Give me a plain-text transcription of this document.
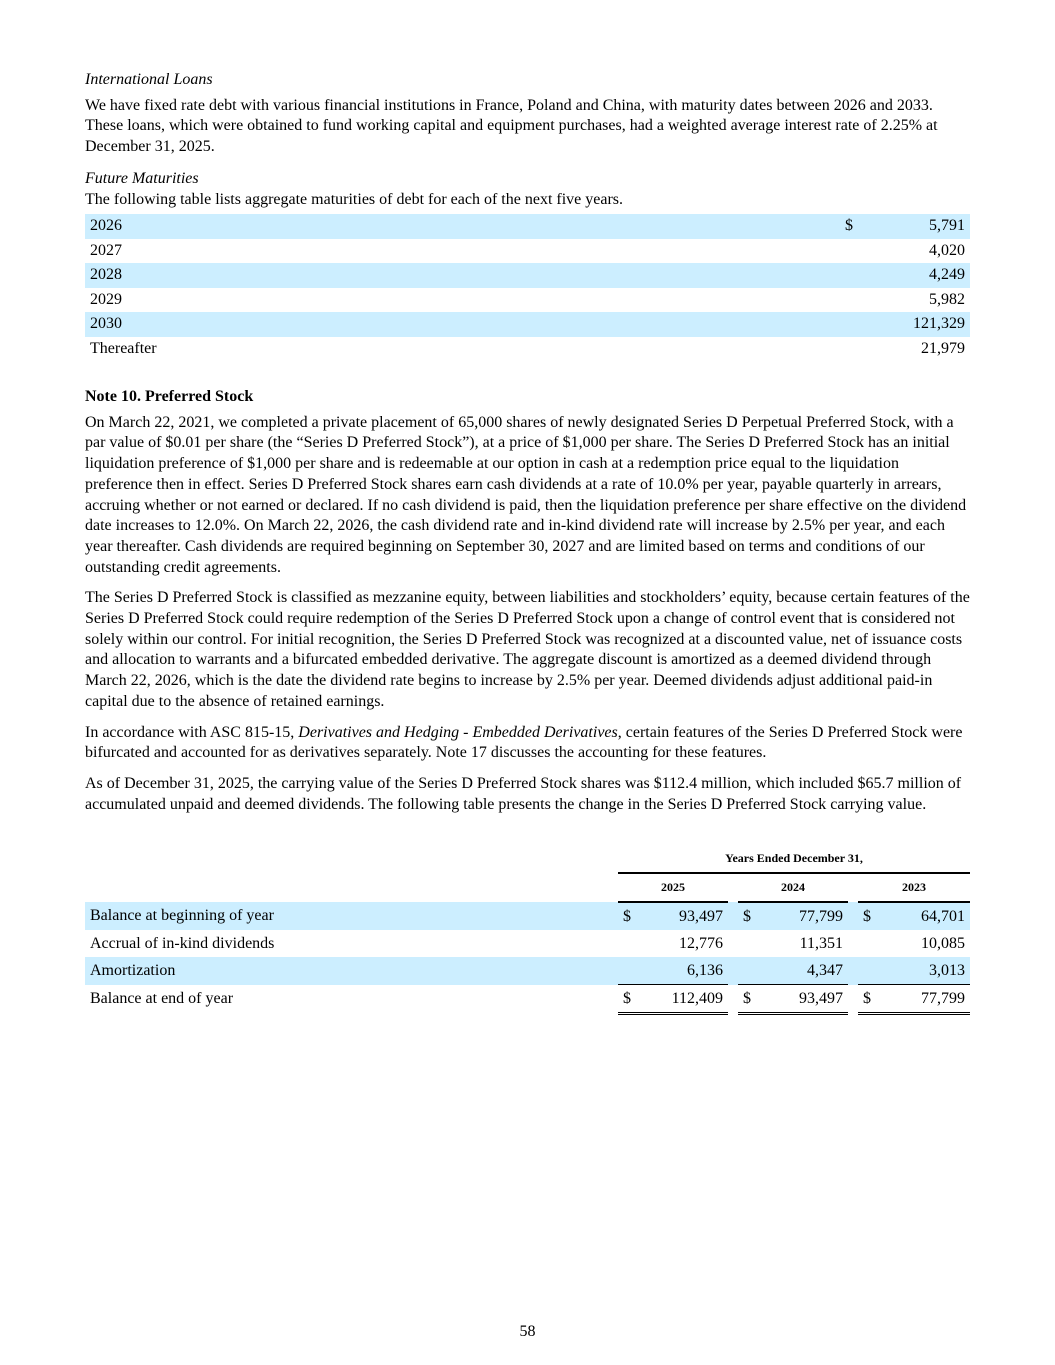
International Loans

We have fixed rate debt with various financial institutions in France, Poland and China, with maturity dates between 2026 and 2033. These loans, which were obtained to fund working capital and equipment purchases, had a weighted average interest rate of 2.25% at December 31, 2025.

Future Maturities

The following table lists aggregate maturities of debt for each of the next five years.

2026	$	5,791
2027		4,020
2028		4,249
2029		5,982
2030		121,329
Thereafter		21,979

Note 10. Preferred Stock

On March 22, 2021, we completed a private placement of 65,000 shares of newly designated Series D Perpetual Preferred Stock, with a par value of $0.01 per share (the “Series D Preferred Stock”), at a price of $1,000 per share. The Series D Preferred Stock has an initial liquidation preference of $1,000 per share and is redeemable at our option in cash at a redemption price equal to the liquidation preference then in effect. Series D Preferred Stock shares earn cash dividends at a rate of 10.0% per year, payable quarterly in arrears, accruing whether or not earned or declared. If no cash dividend is paid, then the liquidation preference per share effective on the dividend date increases to 12.0%. On March 22, 2026, the cash dividend rate and in-kind dividend rate will increase by 2.5% per year, and each year thereafter. Cash dividends are required beginning on September 30, 2027 and are limited based on terms and conditions of our outstanding credit agreements.

The Series D Preferred Stock is classified as mezzanine equity, between liabilities and stockholders’ equity, because certain features of the Series D Preferred Stock could require redemption of the Series D Preferred Stock upon a change of control event that is considered not solely within our control. For initial recognition, the Series D Preferred Stock was recognized at a discounted value, net of issuance costs and allocation to warrants and a bifurcated embedded derivative. The aggregate discount is amortized as a deemed dividend through March 22, 2026, which is the date the dividend rate begins to increase by 2.5% per year. Deemed dividends adjust additional paid-in capital due to the absence of retained earnings.

In accordance with ASC 815-15, Derivatives and Hedging - Embedded Derivatives, certain features of the Series D Preferred Stock were bifurcated and accounted for as derivatives separately. Note 17 discusses the accounting for these features.

As of December 31, 2025, the carrying value of the Series D Preferred Stock shares was $112.4 million, which included $65.7 million of accumulated unpaid and deemed dividends. The following table presents the change in the Series D Preferred Stock carrying value.

	Years Ended December 31,							
	2025			2024			2023	
Balance at beginning of year	$	93,497		$	77,799		$	64,701
Accrual of in-kind dividends		12,776			11,351			10,085
Amortization		6,136			4,347			3,013
Balance at end of year	$	112,409		$	93,497		$	77,799
58
